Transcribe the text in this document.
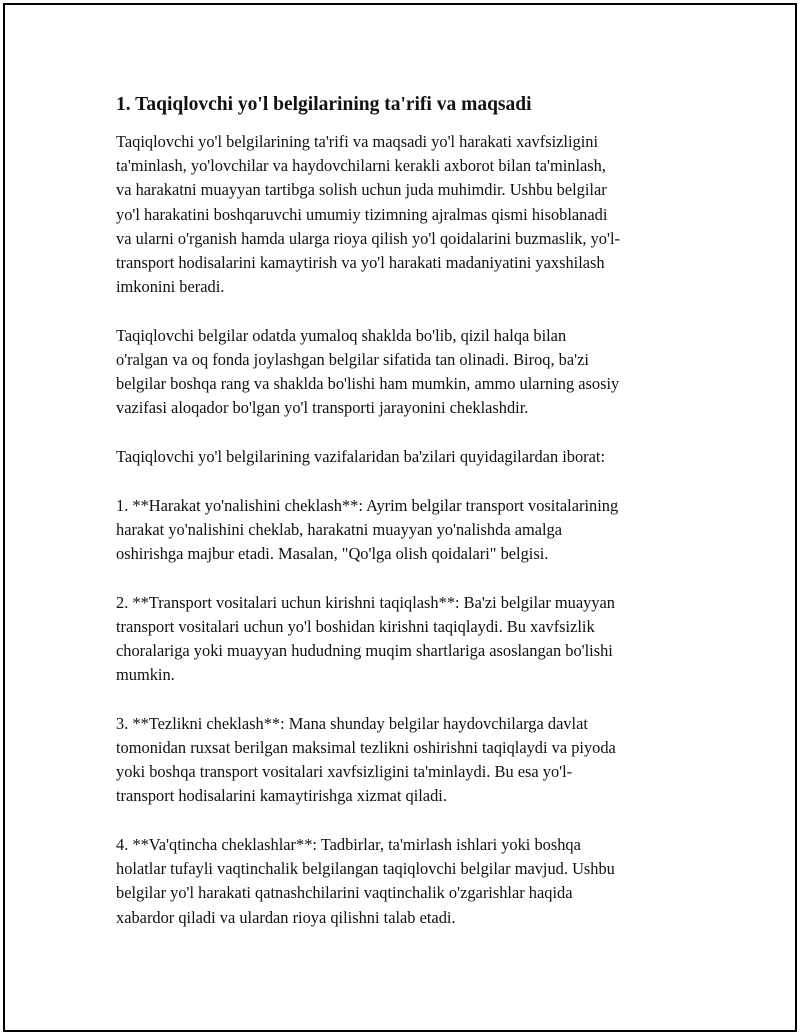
1. Taqiqlovchi yo'l belgilarining ta'rifi va maqsadi

Taqiqlovchi yo'l belgilarining ta'rifi va maqsadi yo'l harakati xavfsizligini
ta'minlash, yo'lovchilar va haydovchilarni kerakli axborot bilan ta'minlash,
va harakatni muayyan tartibga solish uchun juda muhimdir. Ushbu belgilar
yo'l harakatini boshqaruvchi umumiy tizimning ajralmas qismi hisoblanadi
va ularni o'rganish hamda ularga rioya qilish yo'l qoidalarini buzmaslik, yo'l-
transport hodisalarini kamaytirish va yo'l harakati madaniyatini yaxshilash
imkonini beradi.

Taqiqlovchi belgilar odatda yumaloq shaklda bo'lib, qizil halqa bilan
o'ralgan va oq fonda joylashgan belgilar sifatida tan olinadi. Biroq, ba'zi
belgilar boshqa rang va shaklda bo'lishi ham mumkin, ammo ularning asosiy
vazifasi aloqador bo'lgan yo'l transporti jarayonini cheklashdir.

Taqiqlovchi yo'l belgilarining vazifalaridan ba'zilari quyidagilardan iborat:

1. **Harakat yo'nalishini cheklash**: Ayrim belgilar transport vositalarining
harakat yo'nalishini cheklab, harakatni muayyan yo'nalishda amalga
oshirishga majbur etadi. Masalan, "Qo'lga olish qoidalari" belgisi.

2. **Transport vositalari uchun kirishni taqiqlash**: Ba'zi belgilar muayyan
transport vositalari uchun yo'l boshidan kirishni taqiqlaydi. Bu xavfsizlik
choralariga yoki muayyan hududning muqim shartlariga asoslangan bo'lishi
mumkin.

3. **Tezlikni cheklash**: Mana shunday belgilar haydovchilarga davlat
tomonidan ruxsat berilgan maksimal tezlikni oshirishni taqiqlaydi va piyoda
yoki boshqa transport vositalari xavfsizligini ta'minlaydi. Bu esa yo'l-
transport hodisalarini kamaytirishga xizmat qiladi.

4. **Va'qtincha cheklashlar**: Tadbirlar, ta'mirlash ishlari yoki boshqa
holatlar tufayli vaqtinchalik belgilangan taqiqlovchi belgilar mavjud. Ushbu
belgilar yo'l harakati qatnashchilarini vaqtinchalik o'zgarishlar haqida
xabardor qiladi va ulardan rioya qilishni talab etadi.
